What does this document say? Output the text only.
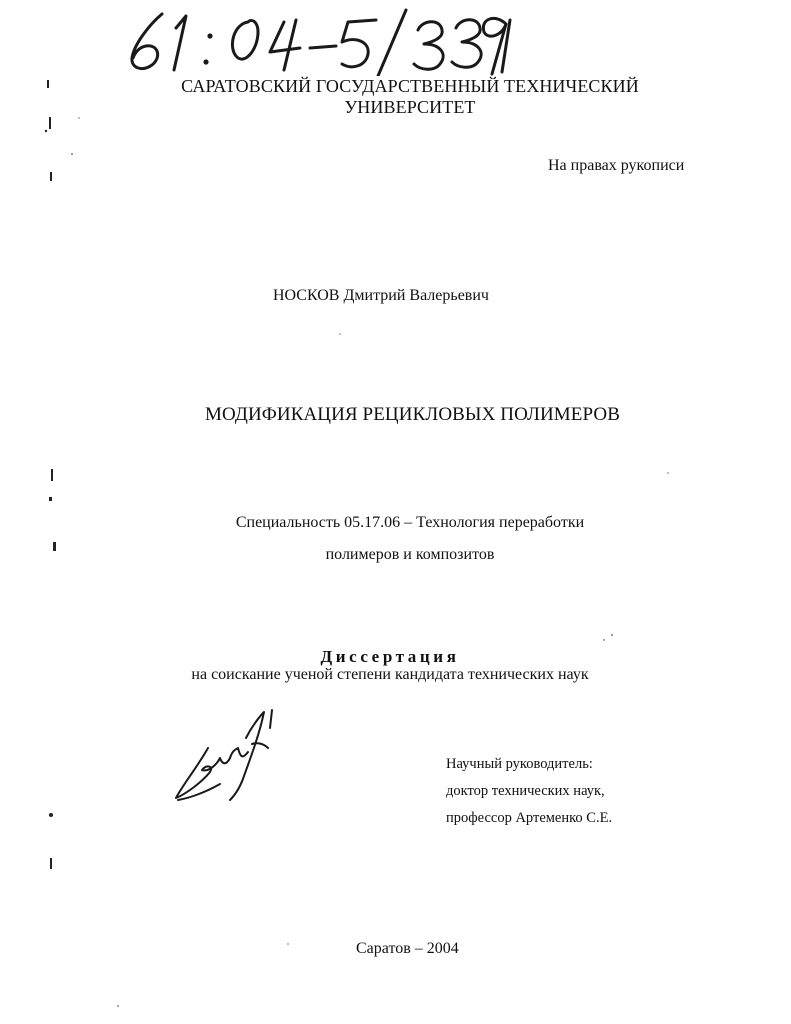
САРАТОВСКИЙ ГОСУДАРСТВЕННЫЙ ТЕХНИЧЕСКИЙ
УНИВЕРСИТЕТ
На правах рукописи
НОСКОВ Дмитрий Валерьевич
МОДИФИКАЦИЯ РЕЦИКЛОВЫХ ПОЛИМЕРОВ
Специальность 05.17.06 – Технология переработки
полимеров и композитов
Диссертация
на соискание ученой степени кандидата технических наук
Научный руководитель:
доктор технических наук,
профессор Артеменко С.Е.
Саратов – 2004
